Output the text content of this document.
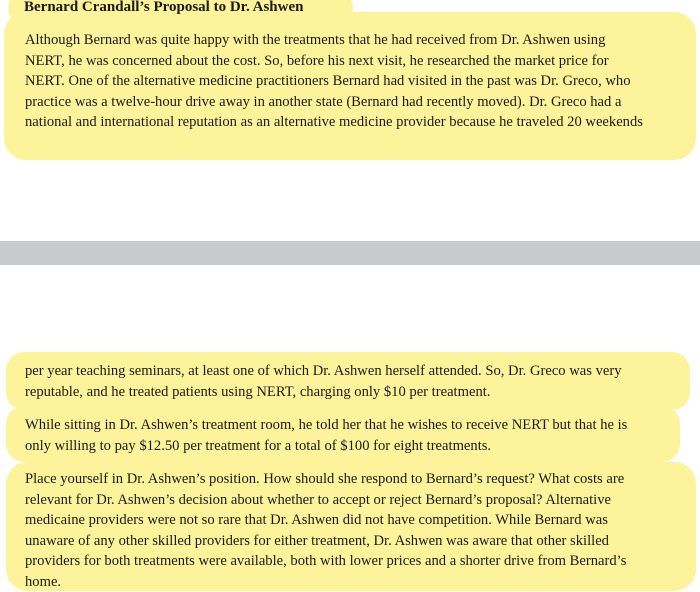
Bernard Crandall’s Proposal to Dr. Ashwen

Although Bernard was quite happy with the treatments that he had received from Dr. Ashwen using
NERT, he was concerned about the cost. So, before his next visit, he researched the market price for
NERT. One of the alternative medicine practitioners Bernard had visited in the past was Dr. Greco, who
practice was a twelve-hour drive away in another state (Bernard had recently moved). Dr. Greco had a
national and international reputation as an alternative medicine provider because he traveled 20 weekends

per year teaching seminars, at least one of which Dr. Ashwen herself attended. So, Dr. Greco was very
reputable, and he treated patients using NERT, charging only $10 per treatment.

While sitting in Dr. Ashwen’s treatment room, he told her that he wishes to receive NERT but that he is
only willing to pay $12.50 per treatment for a total of $100 for eight treatments.

Place yourself in Dr. Ashwen’s position. How should she respond to Bernard’s request? What costs are
relevant for Dr. Ashwen’s decision about whether to accept or reject Bernard’s proposal? Alternative
medicaine providers were not so rare that Dr. Ashwen did not have competition. While Bernard was
unaware of any other skilled providers for either treatment, Dr. Ashwen was aware that other skilled
providers for both treatments were available, both with lower prices and a shorter drive from Bernard’s
home.
